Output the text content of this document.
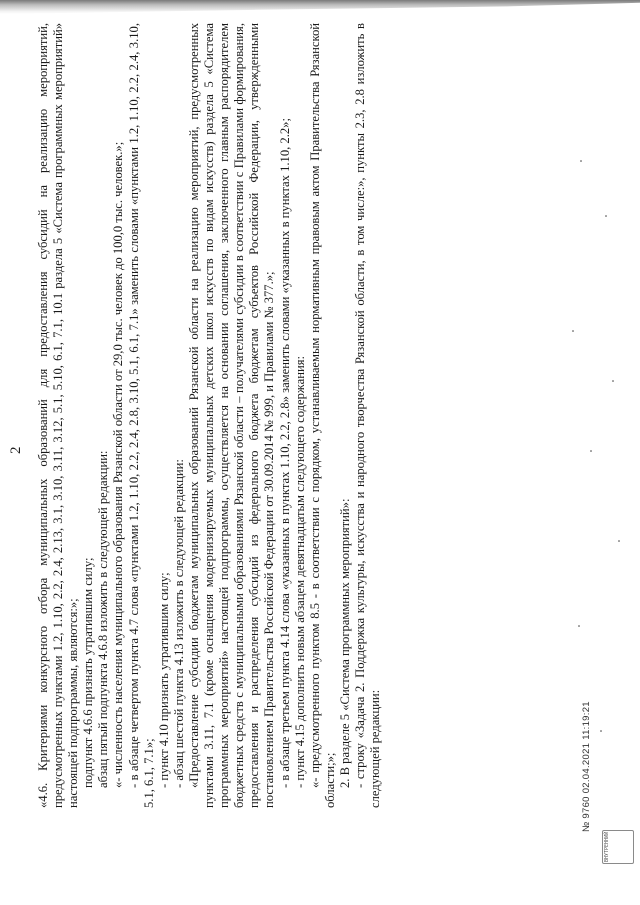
2 «4.6. Критериями конкурсного отбора муниципальных образований для предоставления субсидий на реализацию мероприятий, предусмотренных пунктами 1.2, 1.10, 2.2, 2.4, 2.13, 3.1, 3.10, 3.11, 3.12, 5.1, 5.10, 6.1, 7.1, 10.1 раздела 5 «Система программных мероприятий» настоящей подпрограммы, являются:»; подпункт 4.6.6 признать утратившим силу; абзац пятый подпункта 4.6.8 изложить в следующей редакции: «- численность населения муниципального образования Рязанской области от 29,0 тыс. человек до 100,0 тыс. человек.»; - в абзаце четвертом пункта 4.7 слова «пунктами 1.2, 1.10, 2.2, 2.4, 2.8, 3.10, 5.1, 6.1, 7.1» заменить словами «пунктами 1.2, 1.10, 2.2, 2.4, 3.10, 5.1, 6.1, 7.1»; - пункт 4.10 признать утратившим силу; - абзац шестой пункта 4.13 изложить в следующей редакции: «Предоставление субсидии бюджетам муниципальных образований Рязанской области на реализацию мероприятий, предусмотренных пунктами 3.11, 7.1 (кроме оснащения модернизируемых муниципальных детских школ искусств по видам искусств) раздела 5 «Система программных мероприятий» настоящей подпрограммы, осуществляется на основании соглашения, заключенного главным распорядителем бюджетных средств с муниципальными образованиями Рязанской области – получателями субсидии в соответствии с Правилами формирования, предоставления и распределения субсидий из федерального бюджета бюджетам субъектов Российской Федерации, утвержденными постановлением Правительства Российской Федерации от 30.09.2014 № 999, и Правилами № 377.»; - в абзаце третьем пункта 4.14 слова «указанных в пунктах 1.10, 2.2, 2.8» заменить словами «указанных в пунктах 1.10, 2.2»; - пункт 4.15 дополнить новым абзацем девятнадцатым следующего содержания: «- предусмотренного пунктом 8.5 - в соответствии с порядком, устанавливаемым нормативным правовым актом Правительства Рязанской области;»; 2. В разделе 5 «Система программных мероприятий»: - строку «Задача 2. Поддержка культуры, искусства и народного творчества Рязанской области, в том числе:», пункты 2.3, 2.8 изложить в следующей редакции:	№ 9760 02.04.2021 11:19:21
ВНУТРЕННИЙ
